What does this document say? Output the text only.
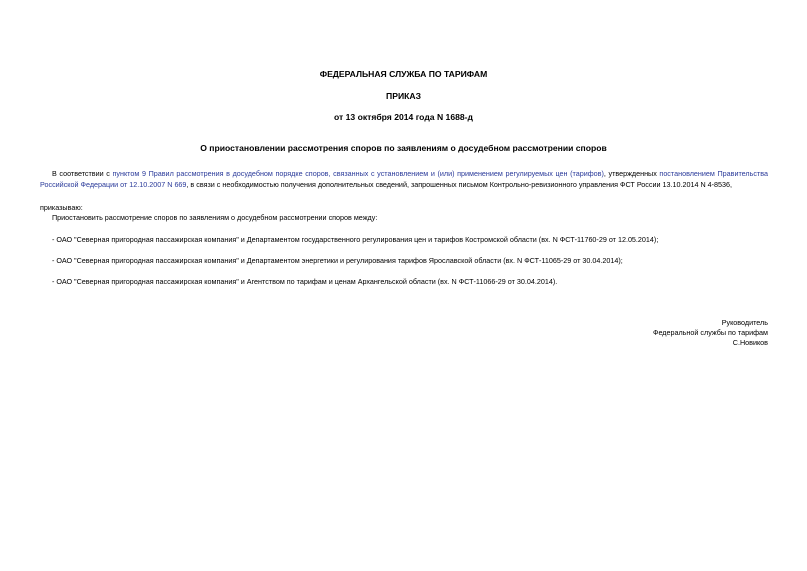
ФЕДЕРАЛЬНАЯ СЛУЖБА ПО ТАРИФАМ
ПРИКАЗ
от 13 октября 2014 года N 1688-д
О приостановлении рассмотрения споров по заявлениям о досудебном рассмотрении споров
В соответствии с пунктом 9 Правил рассмотрения в досудебном порядке споров, связанных с установлением и (или) применением регулируемых цен (тарифов), утвержденных постановлением Правительства Российской Федерации от 12.10.2007 N 669, в связи с необходимостью получения дополнительных сведений, запрошенных письмом Контрольно-ревизионного управления ФСТ России 13.10.2014 N 4-8536,
приказываю:
Приостановить рассмотрение споров по заявлениям о досудебном рассмотрении споров между:
- ОАО "Северная пригородная пассажирская компания" и Департаментом государственного регулирования цен и тарифов Костромской области (вх. N ФСТ-11760-29 от 12.05.2014);
- ОАО "Северная пригородная пассажирская компания" и Департаментом энергетики и регулирования тарифов Ярославской области (вх. N ФСТ-11065-29 от 30.04.2014);
- ОАО "Северная пригородная пассажирская компания" и Агентством по тарифам и ценам Архангельской области (вх. N ФСТ-11066-29 от 30.04.2014).
Руководитель
Федеральной службы по тарифам
С.Новиков
